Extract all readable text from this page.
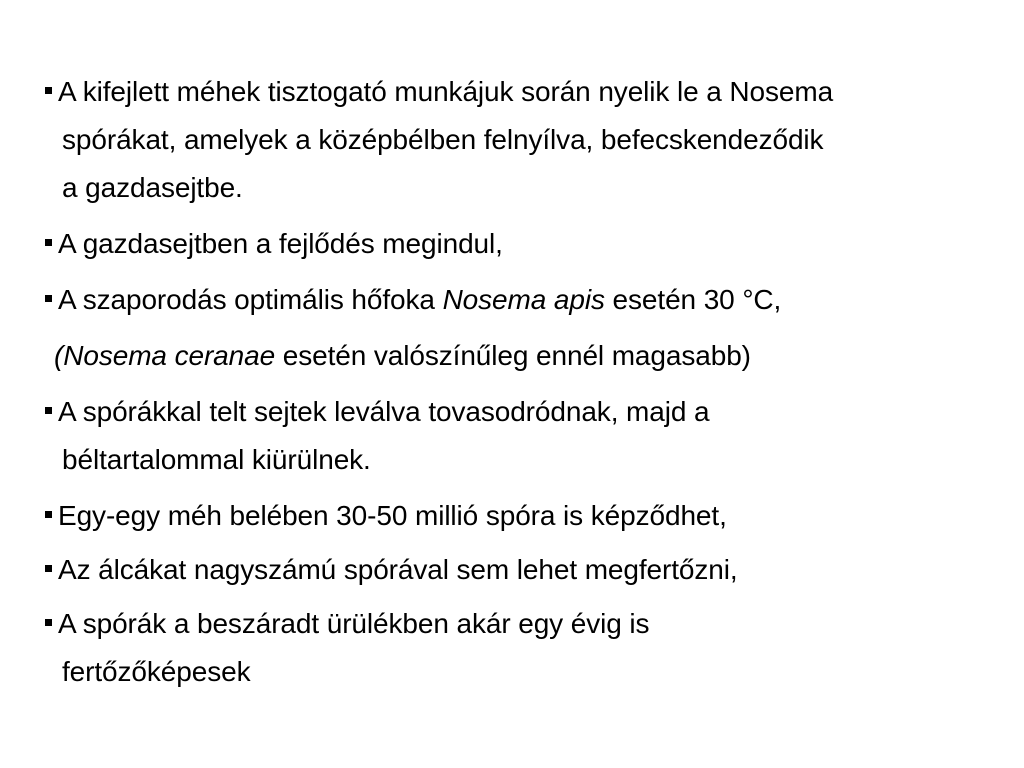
A kifejlett méhek tisztogató munkájuk során nyelik le a Nosema
spórákat, amelyek a középbélben felnyílva, befecskendeződik
a gazdasejtbe.
A gazdasejtben a fejlődés megindul,
A szaporodás optimális hőfoka Nosema apis esetén 30 °C,
(Nosema ceranae esetén valószínűleg ennél magasabb)
A spórákkal telt sejtek leválva tovasodródnak, majd a
béltartalommal kiürülnek.
Egy-egy méh belében 30-50 millió spóra is képződhet,
Az álcákat nagyszámú spórával sem lehet megfertőzni,
A spórák a beszáradt ürülékben akár egy évig is
fertőzőképesek
